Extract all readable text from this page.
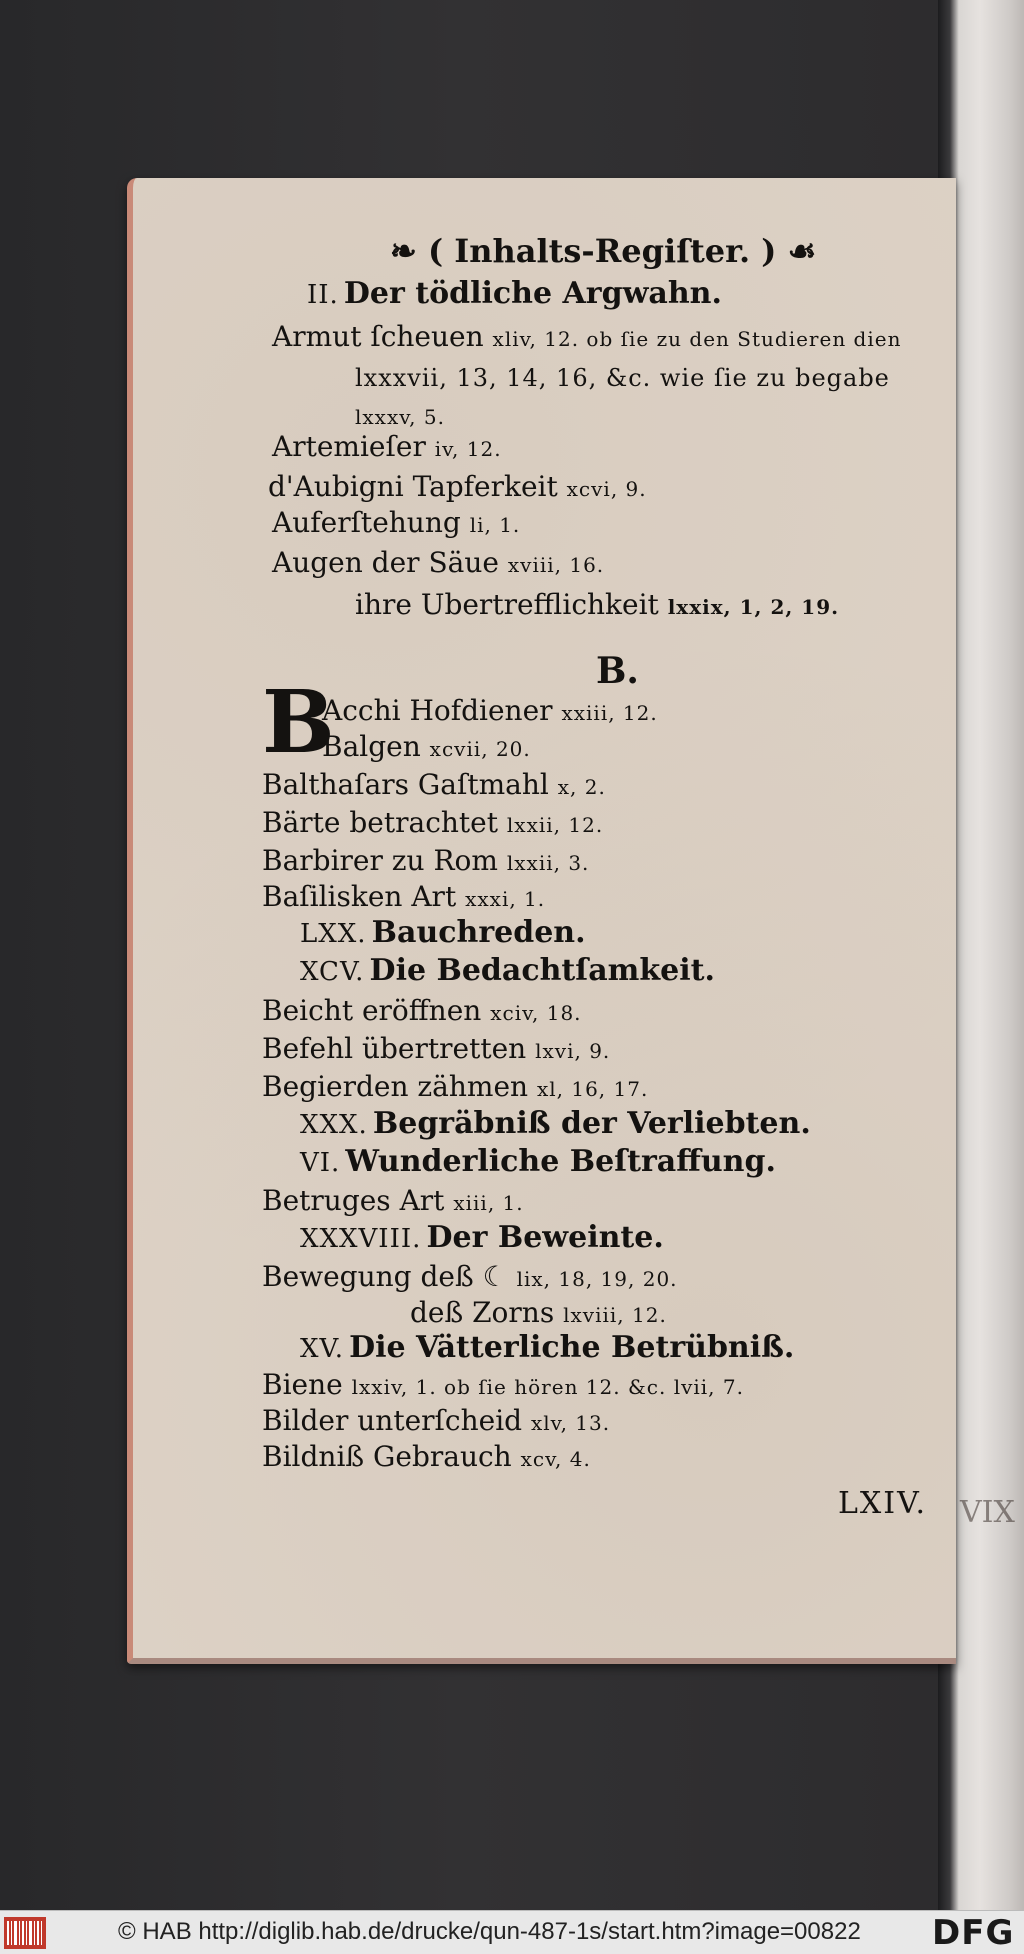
VIX
❧ ( Inhalts-Regiſter. ) ☙
II. Der tödliche Argwahn.
Armut ſcheuen xliv, 12. ob ſie zu den Studieren dien
lxxxvii, 13, 14, 16, &c. wie ſie zu begabe
lxxxv, 5.
Artemieſer iv, 12.
d'Aubigni Tapferkeit xcvi, 9.
Auferſtehung li, 1.
Augen der Säue xviii, 16.
ihre Ubertrefflichkeit lxxix, 1, 2, 19.
B.
B
Acchi Hofdiener xxiii, 12.
Balgen xcvii, 20.
Balthaſars Gaſtmahl x, 2.
Bärte betrachtet lxxii, 12.
Barbirer zu Rom lxxii, 3.
Baſilisken Art xxxi, 1.
LXX. Bauchreden.
XCV. Die Bedachtſamkeit.
Beicht eröffnen xciv, 18.
Befehl übertretten lxvi, 9.
Begierden zähmen xl, 16, 17.
XXX. Begräbniß der Verliebten.
VI. Wunderliche Beſtraffung.
Betruges Art xiii, 1.
XXXVIII. Der Beweinte.
Bewegung deß ☾ lix, 18, 19, 20.
deß Zorns lxviii, 12.
XV. Die Vätterliche Betrübniß.
Biene lxxiv, 1. ob ſie hören 12. &c. lvii, 7.
Bilder unterſcheid xlv, 13.
Bildniß Gebrauch xcv, 4.
LXIV.
© HAB http://diglib.hab.de/drucke/qun-487-1s/start.htm?image=00822 DFG
